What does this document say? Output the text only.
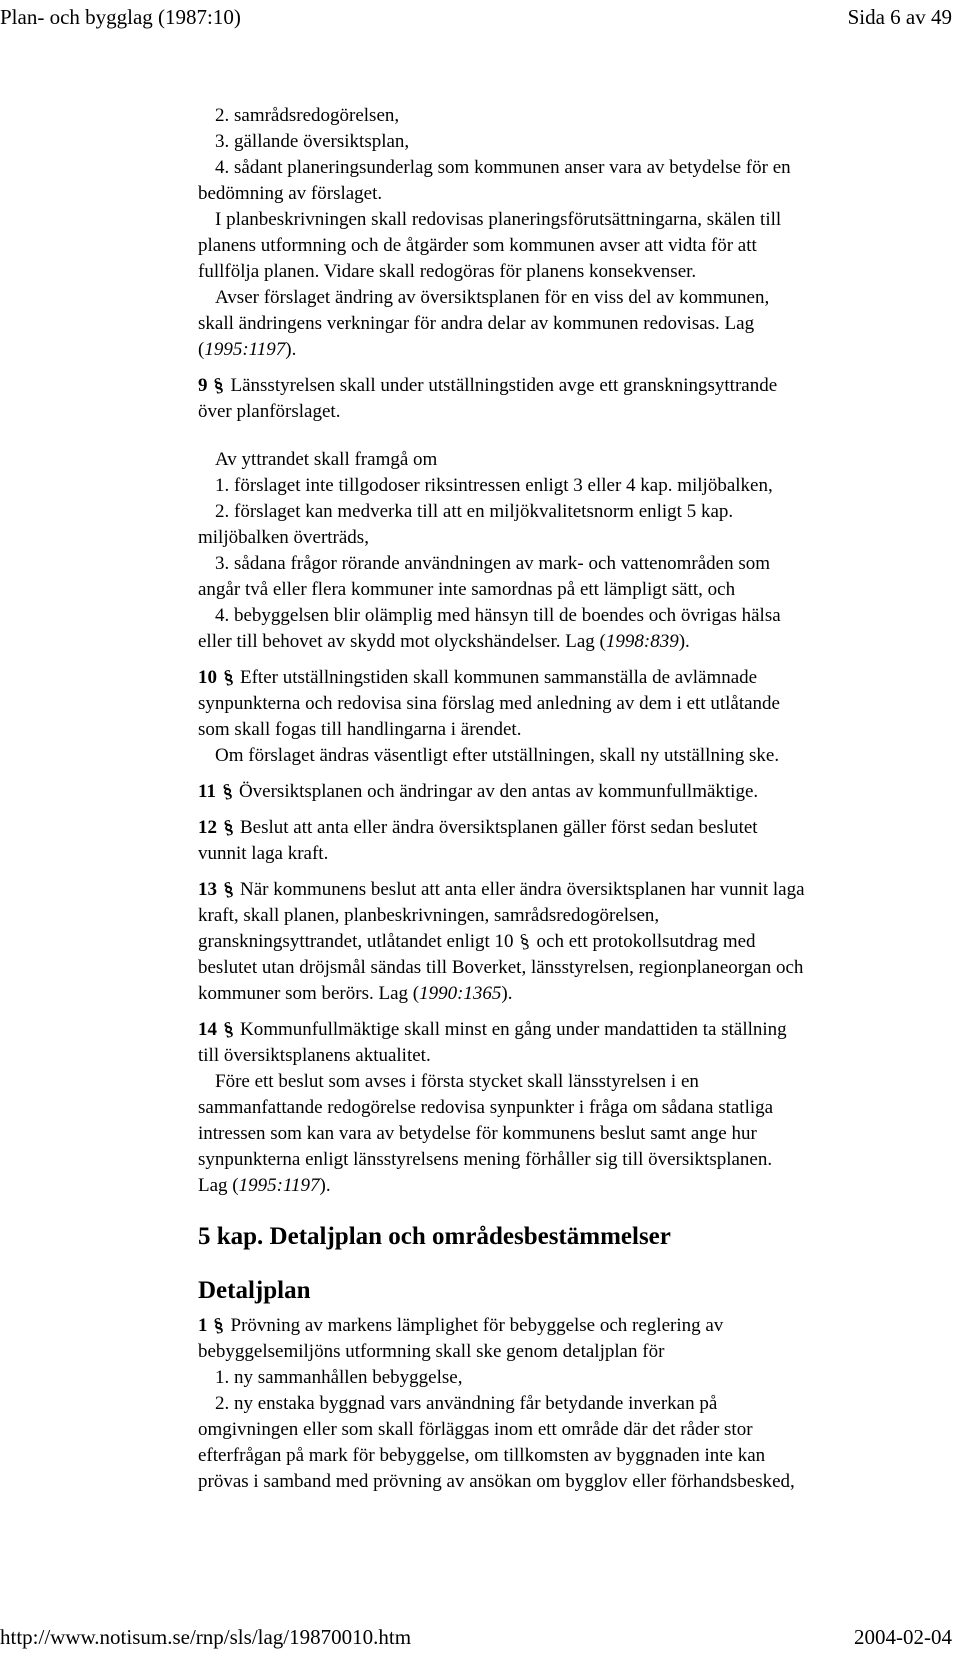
Plan- och bygglag (1987:10)	Sida 6 av 49

2. samrådsredogörelsen,

3. gällande översiktsplan,

4. sådant planeringsunderlag som kommunen anser vara av betydelse för en

bedömning av förslaget.

I planbeskrivningen skall redovisas planeringsförutsättningarna, skälen till

planens utformning och de åtgärder som kommunen avser att vidta för att

fullfölja planen. Vidare skall redogöras för planens konsekvenser.

Avser förslaget ändring av översiktsplanen för en viss del av kommunen,

skall ändringens verkningar för andra delar av kommunen redovisas. Lag

(1995:1197).

9 § Länsstyrelsen skall under utställningstiden avge ett granskningsyttrande

över planförslaget.

Av yttrandet skall framgå om

1. förslaget inte tillgodoser riksintressen enligt 3 eller 4 kap. miljöbalken,

2. förslaget kan medverka till att en miljökvalitetsnorm enligt 5 kap.

miljöbalken överträds,

3. sådana frågor rörande användningen av mark- och vattenområden som

angår två eller flera kommuner inte samordnas på ett lämpligt sätt, och

4. bebyggelsen blir olämplig med hänsyn till de boendes och övrigas hälsa

eller till behovet av skydd mot olyckshändelser. Lag (1998:839).

10 § Efter utställningstiden skall kommunen sammanställa de avlämnade

synpunkterna och redovisa sina förslag med anledning av dem i ett utlåtande

som skall fogas till handlingarna i ärendet.

Om förslaget ändras väsentligt efter utställningen, skall ny utställning ske.

11 § Översiktsplanen och ändringar av den antas av kommunfullmäktige.

12 § Beslut att anta eller ändra översiktsplanen gäller först sedan beslutet

vunnit laga kraft.

13 § När kommunens beslut att anta eller ändra översiktsplanen har vunnit laga

kraft, skall planen, planbeskrivningen, samrådsredogörelsen,

granskningsyttrandet, utlåtandet enligt 10 § och ett protokollsutdrag med

beslutet utan dröjsmål sändas till Boverket, länsstyrelsen, regionplaneorgan och

kommuner som berörs. Lag (1990:1365).

14 § Kommunfullmäktige skall minst en gång under mandattiden ta ställning

till översiktsplanens aktualitet.

Före ett beslut som avses i första stycket skall länsstyrelsen i en

sammanfattande redogörelse redovisa synpunkter i fråga om sådana statliga

intressen som kan vara av betydelse för kommunens beslut samt ange hur

synpunkterna enligt länsstyrelsens mening förhåller sig till översiktsplanen.

Lag (1995:1197).

5 kap. Detaljplan och områdesbestämmelser
Detaljplan

1 § Prövning av markens lämplighet för bebyggelse och reglering av

bebyggelsemiljöns utformning skall ske genom detaljplan för

1. ny sammanhållen bebyggelse,

2. ny enstaka byggnad vars användning får betydande inverkan på

omgivningen eller som skall förläggas inom ett område där det råder stor

efterfrågan på mark för bebyggelse, om tillkomsten av byggnaden inte kan

prövas i samband med prövning av ansökan om bygglov eller förhandsbesked,

http://www.notisum.se/rnp/sls/lag/19870010.htm	2004-02-04
